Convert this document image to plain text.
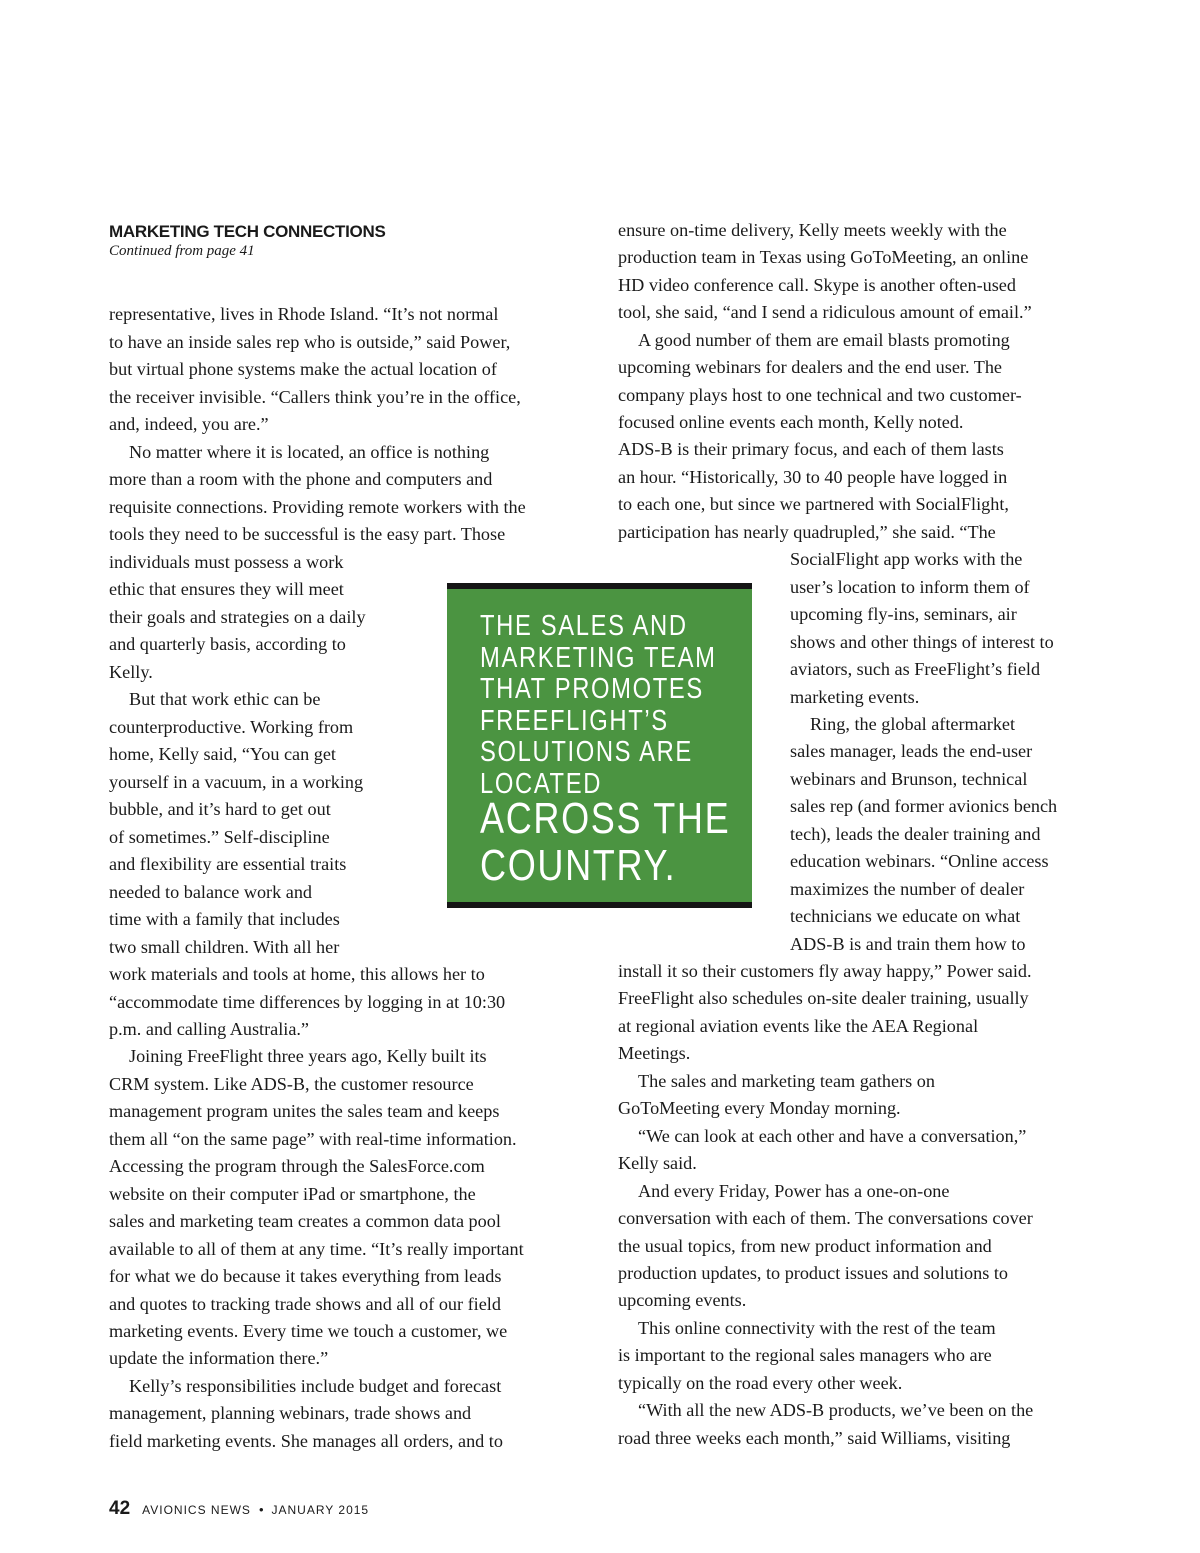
MARKETING TECH CONNECTIONS

Continued from page 41

representative, lives in Rhode Island. “It’s not normal

to have an inside sales rep who is outside,” said Power,

but virtual phone systems make the actual location of

the receiver invisible. “Callers think you’re in the office,

and, indeed, you are.”

No matter where it is located, an office is nothing

more than a room with the phone and computers and

requisite connections. Providing remote workers with the

tools they need to be successful is the easy part. Those

individuals must possess a work

ethic that ensures they will meet

their goals and strategies on a daily

and quarterly basis, according to

Kelly.

But that work ethic can be

counterproductive. Working from

home, Kelly said, “You can get

yourself in a vacuum, in a working

bubble, and it’s hard to get out

of sometimes.” Self-discipline

and flexibility are essential traits

needed to balance work and

time with a family that includes

two small children. With all her

work materials and tools at home, this allows her to

“accommodate time differences by logging in at 10:30

p.m. and calling Australia.”

Joining FreeFlight three years ago, Kelly built its

CRM system. Like ADS-B, the customer resource

management program unites the sales team and keeps

them all “on the same page” with real-time information.

Accessing the program through the SalesForce.com

website on their computer iPad or smartphone, the

sales and marketing team creates a common data pool

available to all of them at any time. “It’s really important

for what we do because it takes everything from leads

and quotes to tracking trade shows and all of our field

marketing events. Every time we touch a customer, we

update the information there.”

Kelly’s responsibilities include budget and forecast

management, planning webinars, trade shows and

field marketing events. She manages all orders, and to

ensure on-time delivery, Kelly meets weekly with the

production team in Texas using GoToMeeting, an online

HD video conference call. Skype is another often-used

tool, she said, “and I send a ridiculous amount of email.”

A good number of them are email blasts promoting

upcoming webinars for dealers and the end user. The

company plays host to one technical and two customer-

focused online events each month, Kelly noted.

ADS-B is their primary focus, and each of them lasts

an hour. “Historically, 30 to 40 people have logged in

to each one, but since we partnered with SocialFlight,

participation has nearly quadrupled,” she said. “The

SocialFlight app works with the

user’s location to inform them of

upcoming fly-ins, seminars, air

shows and other things of interest to

aviators, such as FreeFlight’s field

marketing events.

Ring, the global aftermarket

sales manager, leads the end-user

webinars and Brunson, technical

sales rep (and former avionics bench

tech), leads the dealer training and

education webinars. “Online access

maximizes the number of dealer

technicians we educate on what

ADS-B is and train them how to

install it so their customers fly away happy,” Power said.

FreeFlight also schedules on-site dealer training, usually

at regional aviation events like the AEA Regional

Meetings.

The sales and marketing team gathers on

GoToMeeting every Monday morning.

“We can look at each other and have a conversation,”

Kelly said.

And every Friday, Power has a one-on-one

conversation with each of them. The conversations cover

the usual topics, from new product information and

production updates, to product issues and solutions to

upcoming events.

This online connectivity with the rest of the team

is important to the regional sales managers who are

typically on the road every other week.

“With all the new ADS-B products, we’ve been on the

road three weeks each month,” said Williams, visiting

THE SALES AND

MARKETING TEAM

THAT PROMOTES

FREEFLIGHT’S

SOLUTIONS ARE

LOCATED

ACROSS THE

COUNTRY.

42 AVIONICS NEWS • JANUARY 2015
